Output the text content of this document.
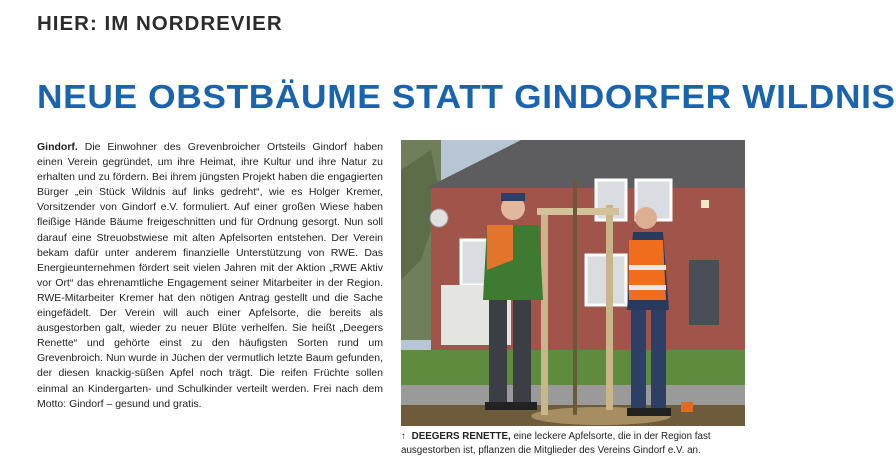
HIER: IM NORDREVIER
NEUE OBSTBÄUME STATT GINDORFER WILDNIS
Gindorf. Die Einwohner des Grevenbroicher Ortsteils Gindorf haben einen Verein gegründet, um ihre Heimat, ihre Kultur und ihre Natur zu erhalten und zu fördern. Bei ihrem jüngsten Projekt haben die engagierten Bürger „ein Stück Wildnis auf links gedreht“, wie es Holger Kremer, Vorsitzender von Gindorf e.V. formuliert. Auf einer großen Wiese haben fleißige Hände Bäume freigeschnitten und für Ordnung gesorgt. Nun soll darauf eine Streuobstwiese mit alten Apfelsorten entstehen. Der Verein bekam dafür unter anderem finanzielle Unterstützung von RWE. Das Energieunternehmen fördert seit vielen Jahren mit der Aktion „RWE Aktiv vor Ort“ das ehrenamtliche Engagement seiner Mitarbeiter in der Region. RWE-Mitarbeiter Kremer hat den nötigen Antrag gestellt und die Sache eingefädelt. Der Verein will auch einer Apfelsorte, die bereits als ausgestorben galt, wieder zu neuer Blüte verhelfen. Sie heißt „Deegers Renette“ und gehörte einst zu den häufigsten Sorten rund um Grevenbroich. Nun wurde in Jüchen der vermutlich letzte Baum gefunden, der diesen knackig-süßen Apfel noch trägt. Die reifen Früchte sollen einmal an Kindergarten- und Schulkinder verteilt werden. Frei nach dem Motto: Gindorf – gesund und gratis.
↑ DEEGERS RENETTE, eine leckere Apfelsorte, die in der Region fast ausgestorben ist, pflanzen die Mitglieder des Vereins Gindorf e.V. an.
